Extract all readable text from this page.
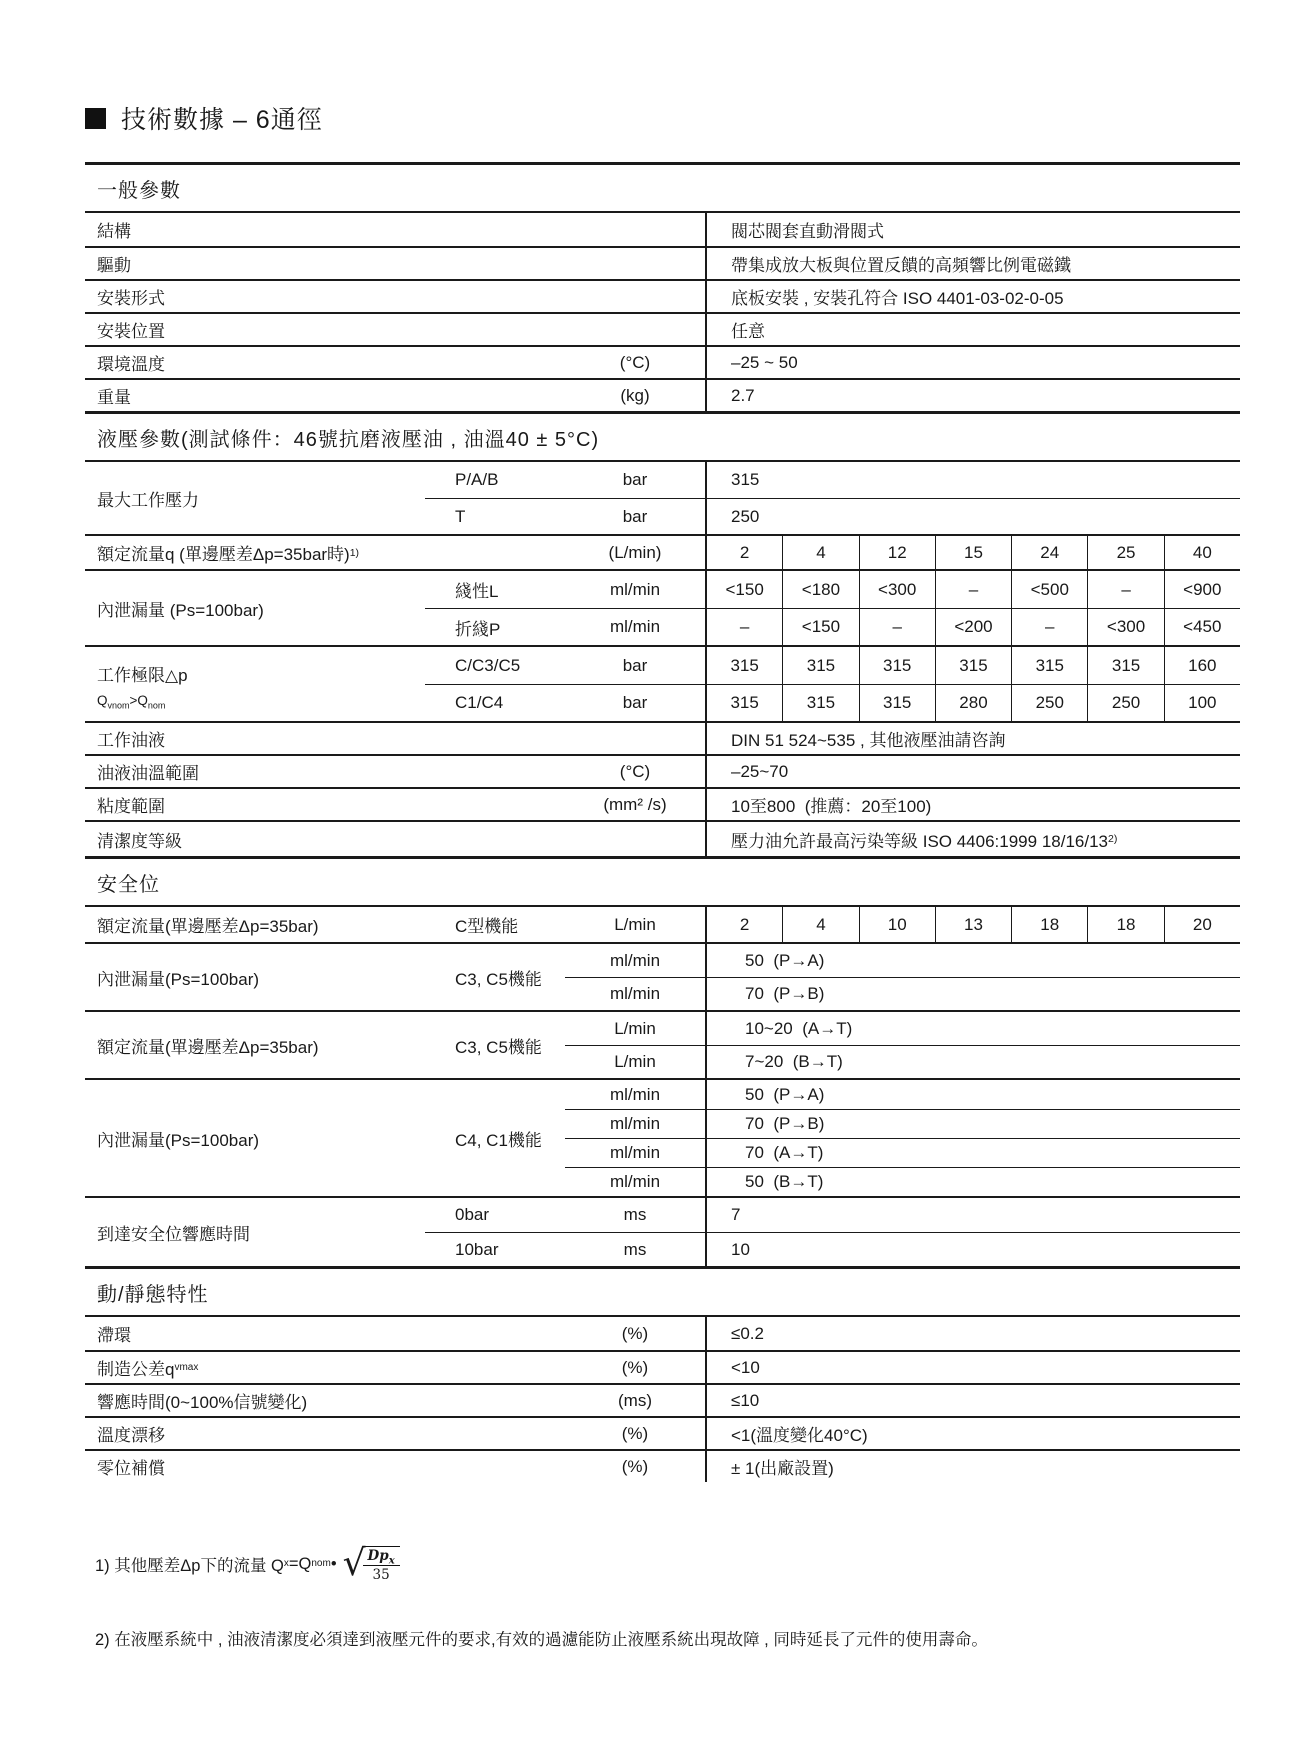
技術數據 – 6通徑
一般參數
結構	閥芯閥套直動滑閥式
驅動	帶集成放大板與位置反饋的高頻響比例電磁鐵
安裝形式	底板安裝 , 安裝孔符合 ISO 4401-03-02-0-05
安裝位置	任意
環境溫度	(°C)	–25 ~ 50
重量	(kg)	2.7
液壓參數(測試條件：46號抗磨液壓油 , 油溫40 ± 5°C)
最大工作壓力
P/A/B	bar	315
T	bar	250
額定流量q (單邊壓差Δp=35bar時) 1)	(L/min)	2	4	12	15	24	25	40
內泄漏量 (Ps=100bar)
綫性L	ml/min	<150	<180	<300	–	<500	–	<900
折綫P	ml/min	–	<150	–	<200	–	<300	<450
工作極限△p
$Q_{vnom}>Q_{nom}$
C/C3/C5	bar	315	315	315	315	315	315	160
C1/C4	bar	315	315	315	280	250	250	100
工作油液	DIN 51 524~535 , 其他液壓油請咨詢
油液油溫範圍	(°C)	–25~70
粘度範圍	(mm² /s)	10至800  (推薦：20至100)
清潔度等級	壓力油允許最高污染等級 ISO 4406:1999 18/16/13 2)
安全位
額定流量(單邊壓差Δp=35bar)	C型機能	L/min	2	4	10	13	18	18	20
內泄漏量(Ps=100bar)	C3, C5機能
ml/min	50  (P→A)
ml/min	70  (P→B)
額定流量(單邊壓差Δp=35bar)	C3, C5機能
L/min	10~20  (A→T)
L/min	7~20  (B→T)
內泄漏量(Ps=100bar)	C4, C1機能
ml/min	50  (P→A)
ml/min	70  (P→B)
ml/min	70  (A→T)
ml/min	50  (B→T)
到達安全位響應時間
0bar	ms	7
10bar	ms	10
動/靜態特性
滯環	(%)	≤0.2
制造公差q vmax	(%)	<10
響應時間(0~100%信號變化)	(ms)	≤10
溫度漂移	(%)	<1(溫度變化40°C)
零位補償	(%)	± 1(出廠設置)
1) 其他壓差Δp下的流量 Q x =Q nom • √
$\frac{Dp_x}{35}$
2) 在液壓系統中 , 油液清潔度必須達到液壓元件的要求,有效的過濾能防止液壓系統出現故障 , 同時延長了元件的使用壽命。
